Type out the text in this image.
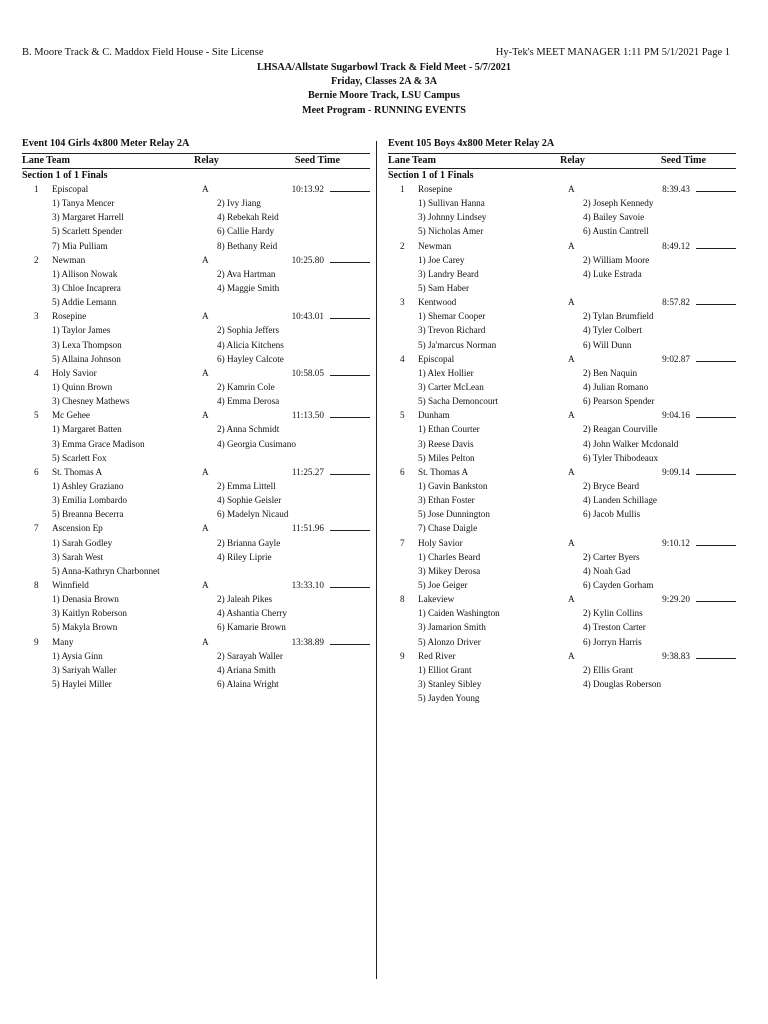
B. Moore Track & C. Maddox Field House - Site License	Hy-Tek's MEET MANAGER 1:11 PM 5/1/2021 Page 1
LHSAA/Allstate Sugarbowl Track & Field Meet - 5/7/2021
Friday, Classes 2A & 3A
Bernie Moore Track, LSU Campus
Meet Program - RUNNING EVENTS
Event 104 Girls 4x800 Meter Relay 2A
Lane Team	Relay	Seed Time
Section 1 of 1 Finals
1 Episcopal	A	10:13.92
1) Tanya Mencer	2) Ivy Jiang
3) Margaret Harrell	4) Rebekah Reid
5) Scarlett Spender	6) Callie Hardy
7) Mia Pulliam	8) Bethany Reid
2 Newman	A	10:25.80
1) Allison Nowak	2) Ava Hartman
3) Chloe Incaprera	4) Maggie Smith
5) Addie Lemann
3 Rosepine	A	10:43.01
1) Taylor James	2) Sophia Jeffers
3) Lexa Thompson	4) Alicia Kitchens
5) Allaina Johnson	6) Hayley Calcote
4 Holy Savior	A	10:58.05
1) Quinn Brown	2) Kamrin Cole
3) Chesney Mathews	4) Emma Derosa
5 Mc Gehee	A	11:13.50
1) Margaret Batten	2) Anna Schmidt
3) Emma Grace Madison	4) Georgia Cusimano
5) Scarlett Fox
6 St. Thomas A	A	11:25.27
1) Ashley Graziano	2) Emma Littell
3) Emilia Lombardo	4) Sophie Geisler
5) Breanna Becerra	6) Madelyn Nicaud
7 Ascension Ep	A	11:51.96
1) Sarah Godley	2) Brianna Gayle
3) Sarah West	4) Riley Liprie
5) Anna-Kathryn Charbonnet
8 Winnfield	A	13:33.10
1) Denasia Brown	2) Jaleah Pikes
3) Kaitlyn Roberson	4) Ashantia Cherry
5) Makyla Brown	6) Kamarie Brown
9 Many	A	13:38.89
1) Aysia Ginn	2) Sarayah Waller
3) Sariyah Waller	4) Ariana Smith
5) Haylei Miller	6) Alaina Wright
Event 105 Boys 4x800 Meter Relay 2A
Lane Team	Relay	Seed Time
Section 1 of 1 Finals
1 Rosepine	A	8:39.43
1) Sullivan Hanna	2) Joseph Kennedy
3) Johnny Lindsey	4) Bailey Savoie
5) Nicholas Amer	6) Austin Cantrell
2 Newman	A	8:49.12
1) Joe Carey	2) William Moore
3) Landry Beard	4) Luke Estrada
5) Sam Haber
3 Kentwood	A	8:57.82
1) Shemar Cooper	2) Tylan Brumfield
3) Trevon Richard	4) Tyler Colbert
5) Ja'marcus Norman	6) Will Dunn
4 Episcopal	A	9:02.87
1) Alex Hollier	2) Ben Naquin
3) Carter McLean	4) Julian Romano
5) Sacha Demoncourt	6) Pearson Spender
5 Dunham	A	9:04.16
1) Ethan Courter	2) Reagan Courville
3) Reese Davis	4) John Walker Mcdonald
5) Miles Pelton	6) Tyler Thibodeaux
6 St. Thomas A	A	9:09.14
1) Gavin Bankston	2) Bryce Beard
3) Ethan Foster	4) Landen Schillage
5) Jose Dunnington	6) Jacob Mullis
7) Chase Daigle
7 Holy Savior	A	9:10.12
1) Charles Beard	2) Carter Byers
3) Mikey Derosa	4) Noah Gad
5) Joe Geiger	6) Cayden Gorham
8 Lakeview	A	9:29.20
1) Caiden Washington	2) Kylin Collins
3) Jamarion Smith	4) Treston Carter
5) Alonzo Driver	6) Jorryn Harris
9 Red River	A	9:38.83
1) Elliot Grant	2) Ellis Grant
3) Stanley Sibley	4) Douglas Roberson
5) Jayden Young
